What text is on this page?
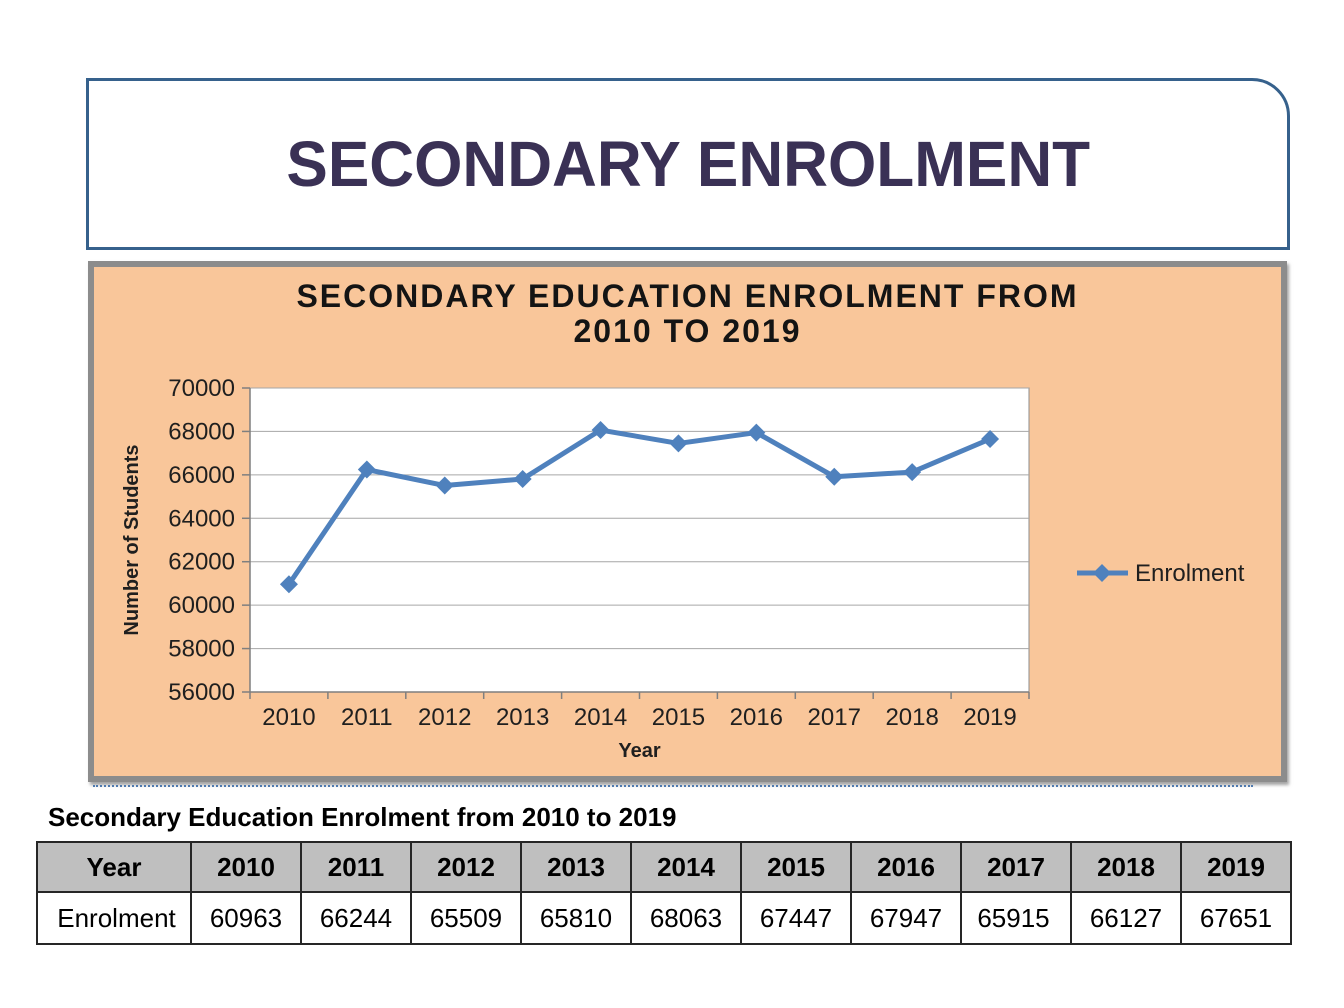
SECONDARY ENROLMENT
56000
58000
60000
62000
64000
66000
68000
70000
2010 2011 2012 2013 2014 2015 2016 2017 2018 2019
Year
Number of Students	Enrolment
SECONDARY EDUCATION ENROLMENT FROM
2010 TO 2019
Secondary Education Enrolment from 2010 to 2019
Year	2010	2011	2012	2013	2014	2015	2016	2017	2018	2019
Enrolment	60963	66244	65509	65810	68063	67447	67947	65915	66127	67651
